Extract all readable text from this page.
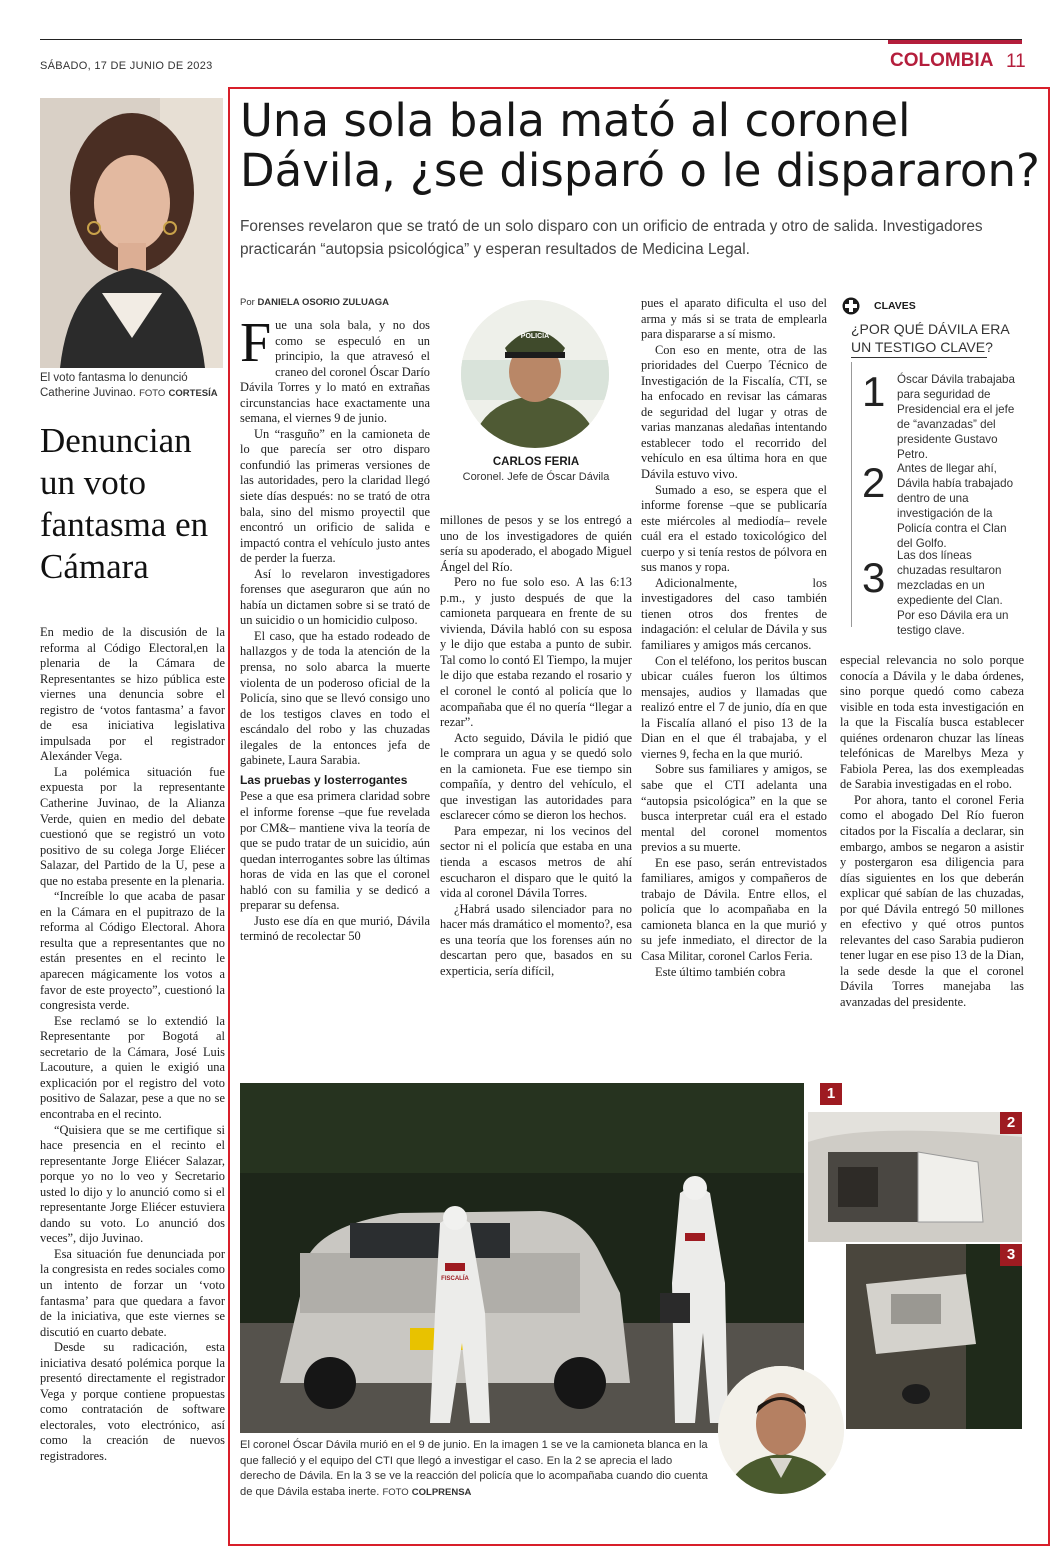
SÁBADO, 17 DE JUNIO DE 2023	COLOMBIA 11
El voto fantasma lo denunció Catherine Juvinao. FOTO CORTESÍA
Denuncian un voto fantasma en Cámara

En medio de la discusión de la reforma al Código Electoral,en la plenaria de la Cámara de Representantes se hizo pública este viernes una denuncia sobre el registro de ‘votos fantasma’ a favor de esa iniciativa legislativa impulsada por el registrador Alexánder Vega.

La polémica situación fue expuesta por la representante Catherine Juvinao, de la Alianza Verde, quien en medio del debate cuestionó que se registró un voto positivo de su colega Jorge Eliécer Salazar, del Partido de la U, pese a que no estaba presente en la plenaria.

“Increíble lo que acaba de pasar en la Cámara en el pupitrazo de la reforma al Código Electoral. Ahora resulta que a representantes que no están presentes en el recinto le aparecen mágicamente los votos a favor de este proyecto”, cuestionó la congresista verde.

Ese reclamó se lo extendió la Representante por Bogotá al secretario de la Cámara, José Luis Lacouture, a quien le exigió una explicación por el registro del voto positivo de Salazar, pese a que no se encontraba en el recinto.

“Quisiera que se me certifique si hace presencia en el recinto el representante Jorge Eliécer Salazar, porque yo no lo veo y Secretario usted lo dijo y lo anunció como si el representante Jorge Eliécer estuviera dando su voto. Lo anunció dos veces”, dijo Juvinao.

Esa situación fue denunciada por la congresista en redes sociales como un intento de forzar un ‘voto fantasma’ para que quedara a favor de la iniciativa, que este viernes se discutió en cuarto debate.

Desde su radicación, esta iniciativa desató polémica porque la presentó directamente el registrador Vega y porque contiene propuestas como contratación de software electorales, voto electrónico, así como la creación de nuevos registradores.

Una sola bala mató al coronel Dávila, ¿se disparó o le dispararon?
Forenses revelaron que se trató de un solo disparo con un orificio de entrada y otro de salida. Investigadores practicarán “autopsia psicológica” y esperan resultados de Medicina Legal.
Por DANIELA OSORIO ZULUAGA

Fue una sola bala, y no dos como se especuló en un principio, la que atravesó el craneo del coronel Óscar Darío Dávila Torres y lo mató en extrañas circunstancias hace exactamente una semana, el viernes 9 de junio.

Un “rasguño” en la camioneta de lo que parecía ser otro disparo confundió las primeras versiones de las autoridades, pero la claridad llegó siete días después: no se trató de otra bala, sino del mismo proyectil que encontró un orificio de salida e impactó contra el vehículo justo antes de perder la fuerza.

Así lo revelaron investigadores forenses que aseguraron que aún no había un dictamen sobre si se trató de un suicidio o un homicidio culposo.

El caso, que ha estado rodeado de hallazgos y de toda la atención de la prensa, no solo abarca la muerte violenta de un poderoso oficial de la Policía, sino que se llevó consigo uno de los testigos claves en todo el escándalo del robo y las chuzadas ilegales de la entonces jefa de gabinete, Laura Sarabia.

Las pruebas y losterrogantes

Pese a que esa primera claridad sobre el informe forense –que fue revelada por CM&– mantiene viva la teoría de que se pudo tratar de un suicidio, aún quedan interrogantes sobre las últimas horas de vida en las que el coronel habló con su familia y se dedicó a preparar su defensa.

Justo ese día en que murió, Dávila terminó de recolectar 50

POLICÍA
CARLOS FERIA
Coronel. Jefe de Óscar Dávila

millones de pesos y se los entregó a uno de los investigadores de quién sería su apoderado, el abogado Miguel Ángel del Río.

Pero no fue solo eso. A las 6:13 p.m., y justo después de que la camioneta parqueara en frente de su vivienda, Dávila habló con su esposa y le dijo que estaba a punto de subir. Tal como lo contó El Tiempo, la mujer le dijo que estaba rezando el rosario y el coronel le contó al policía que lo acompañaba que él no quería “llegar a rezar”.

Acto seguido, Dávila le pidió que le comprara un agua y se quedó solo en la camioneta. Fue ese tiempo sin compañía, y dentro del vehículo, el que investigan las autoridades para esclarecer cómo se dieron los hechos.

Para empezar, ni los vecinos del sector ni el policía que estaba en una tienda a escasos metros de ahí escucharon el disparo que le quitó la vida al coronel Dávila Torres.

¿Habrá usado silenciador para no hacer más dramático el momento?, esa es una teoría que los forenses aún no descartan pero que, basados en su experticia, sería difícil,

pues el aparato dificulta el uso del arma y más si se trata de emplearla para dispararse a sí mismo.

Con eso en mente, otra de las prioridades del Cuerpo Técnico de Investigación de la Fiscalía, CTI, se ha enfocado en revisar las cámaras de seguridad del lugar y otras de varias manzanas aledañas intentando establecer todo el recorrido del vehículo en esa última hora en que Dávila estuvo vivo.

Sumado a eso, se espera que el informe forense –que se publicaría este miércoles al mediodía– revele cuál era el estado toxicológico del cuerpo y si tenía restos de pólvora en sus manos y ropa.

Adicionalmente, los investigadores del caso también tienen otros dos frentes de indagación: el celular de Dávila y sus familiares y amigos más cercanos.

Con el teléfono, los peritos buscan ubicar cuáles fueron los últimos mensajes, audios y llamadas que realizó entre el 7 de junio, día en que la Fiscalía allanó el piso 13 de la Dian en el que él trabajaba, y el viernes 9, fecha en la que murió.

Sobre sus familiares y amigos, se sabe que el CTI adelanta una “autopsia psicológica” en la que se busca interpretar cuál era el estado mental del coronel momentos previos a su muerte.

En ese paso, serán entrevistados familiares, amigos y compañeros de trabajo de Dávila. Entre ellos, el policía que lo acompañaba en la camioneta blanca en la que murió y su jefe inmediato, el director de la Casa Militar, coronel Carlos Feria.

Este último también cobra

CLAVES
¿POR QUÉ DÁVILA ERA UN TESTIGO CLAVE?
1 Óscar Dávila trabajaba para seguridad de Presidencial era el jefe de “avanzadas” del presidente Gustavo Petro.
2 Antes de llegar ahí, Dávila había trabajado dentro de una investigación de la Policía contra el Clan del Golfo.
3 Las dos líneas chuzadas resultaron mezcladas en un expediente del Clan. Por eso Dávila era un testigo clave.

especial relevancia no solo porque conocía a Dávila y le daba órdenes, sino porque quedó como cabeza visible en toda esta investigación en la que la Fiscalía busca establecer quiénes ordenaron chuzar las líneas telefónicas de Marelbys Meza y Fabiola Perea, las dos exempleadas de Sarabia investigadas en el robo.

Por ahora, tanto el coronel Feria como el abogado Del Río fueron citados por la Fiscalía a declarar, sin embargo, ambos se negaron a asistir y postergaron esa diligencia para días siguientes en los que deberán explicar qué sabían de las chuzadas, por qué Dávila entregó 50 millones en efectivo y qué otros puntos relevantes del caso Sarabia pudieron tener lugar en ese piso 13 de la Dian, la sede desde la que el coronel Dávila Torres manejaba las avanzadas del presidente.

FISCALÍA
1
2
3
El coronel Óscar Dávila murió en el 9 de junio. En la imagen 1 se ve la camioneta blanca en la que falleció y el equipo del CTI que llegó a investigar el caso. En la 2 se aprecia el lado derecho de Dávila. En la 3 se ve la reacción del policía que lo acompañaba cuando dio cuenta de que Dávila estaba inerte. FOTO COLPRENSA
